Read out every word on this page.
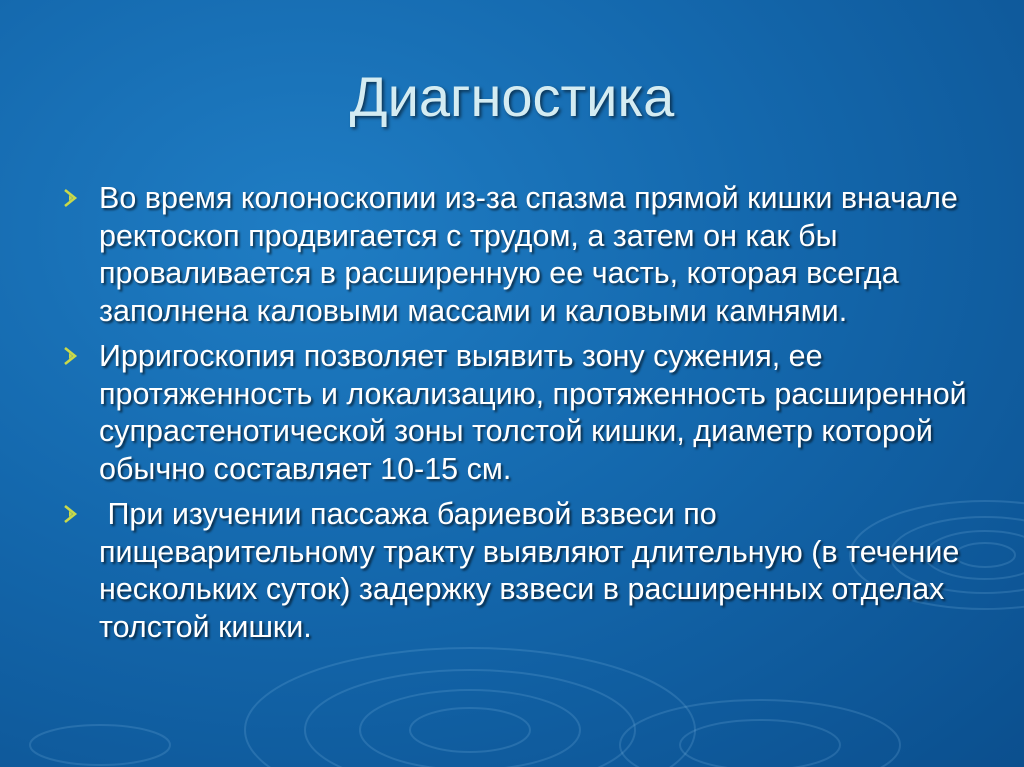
Диагностика
Во время колоноскопии из-за спазма прямой кишки вначале ректоскоп продвигается с трудом, а затем он как бы проваливается в расширенную ее часть, которая всегда заполнена каловыми массами и каловыми камнями.
Ирригоскопия позволяет выявить зону сужения, ее протяженность и локализацию, протяженность расширенной супрастенотической зоны толстой кишки, диаметр которой обычно составляет 10-15 см.
При изучении пассажа бариевой взвеси по пищеварительному тракту выявляют длительную (в течение нескольких суток) задержку взвеси в расширенных отделах толстой кишки.
